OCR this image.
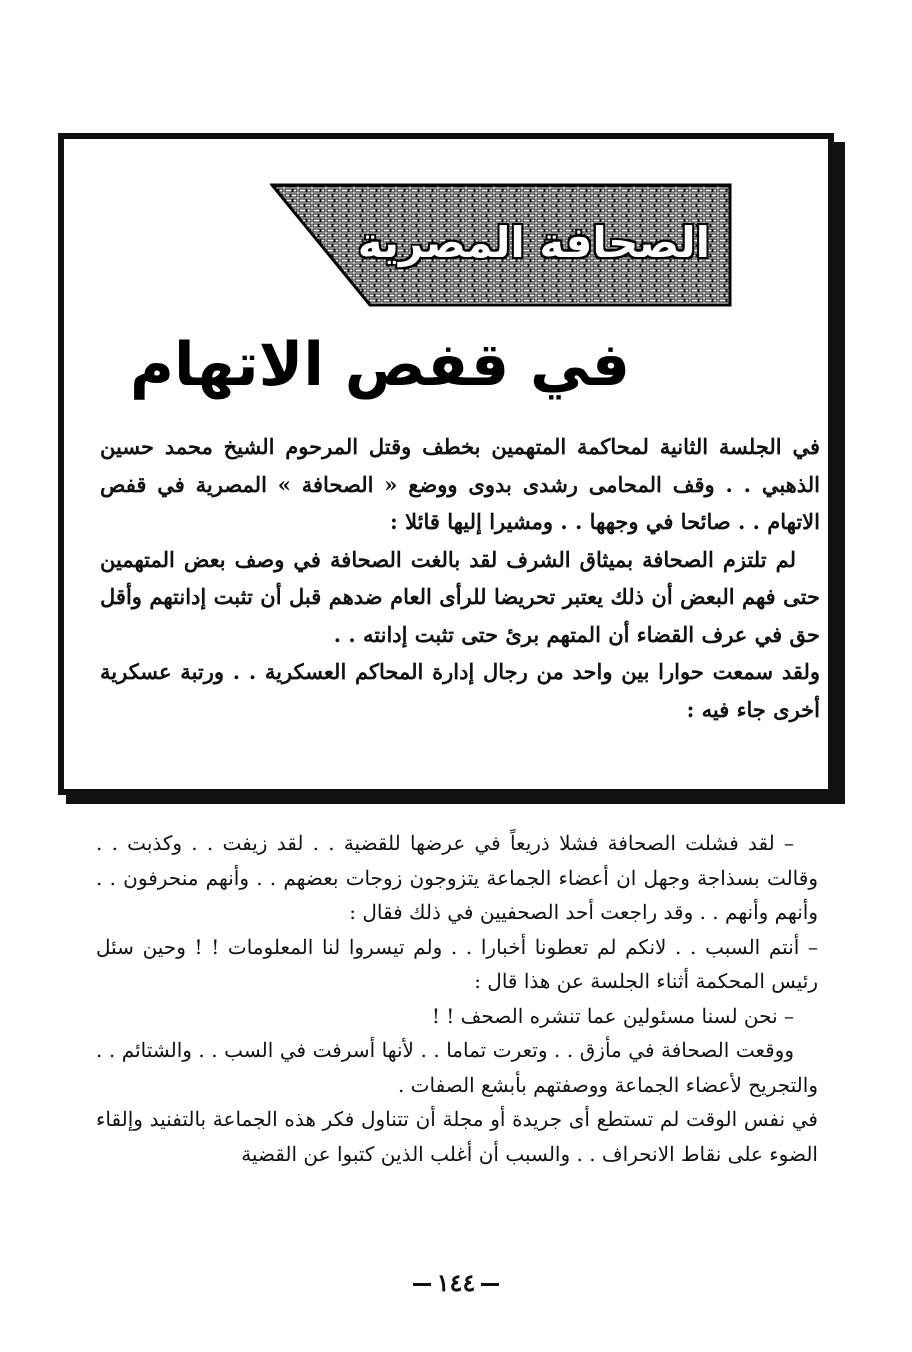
الصحافة المصرية
في قفص الاتهام

في الجلسة الثانية لمحاكمة المتهمين بخطف وقتل المرحوم الشيخ محمد حسين الذهبي . . وقف المحامى رشدى بدوى ووضع « الصحافة » المصرية في قفص الاتهام . . صائحا في وجهها . . ومشيرا إليها قائلا :

لم تلتزم الصحافة بميثاق الشرف لقد بالغت الصحافة في وصف بعض المتهمين حتى فهم البعض أن ذلك يعتبر تحريضا للرأى العام ضدهم قبل أن تثبت إدانتهم وأقل حق في عرف القضاء أن المتهم برئ حتى تثبت إدانته . .

ولقد سمعت حوارا بين واحد من رجال إدارة المحاكم العسكرية . . ورتبة عسكرية أخرى جاء فيه :

– لقد فشلت الصحافة فشلا ذريعاً في عرضها للقضية . . لقد زيفت . . وكذبت . . وقالت بسذاجة وجهل ان أعضاء الجماعة يتزوجون زوجات بعضهم . . وأنهم منحرفون . . وأنهم وأنهم . . وقد راجعت أحد الصحفيين في ذلك فقال :

– أنتم السبب . . لانكم لم تعطونا أخبارا . . ولم تيسروا لنا المعلومات ! ! وحين سئل رئيس المحكمة أثناء الجلسة عن هذا قال :

– نحن لسنا مسئولين عما تنشره الصحف ! !

ووقعت الصحافة في مأزق . . وتعرت تماما . . لأنها أسرفت في السب . . والشتائم . . والتجريح لأعضاء الجماعة ووصفتهم بأبشع الصفات .

في نفس الوقت لم تستطع أى جريدة أو مجلة أن تتناول فكر هذه الجماعة بالتفنيد وإلقاء الضوء على نقاط الانحراف . . والسبب أن أغلب الذين كتبوا عن القضية

١٤٤
